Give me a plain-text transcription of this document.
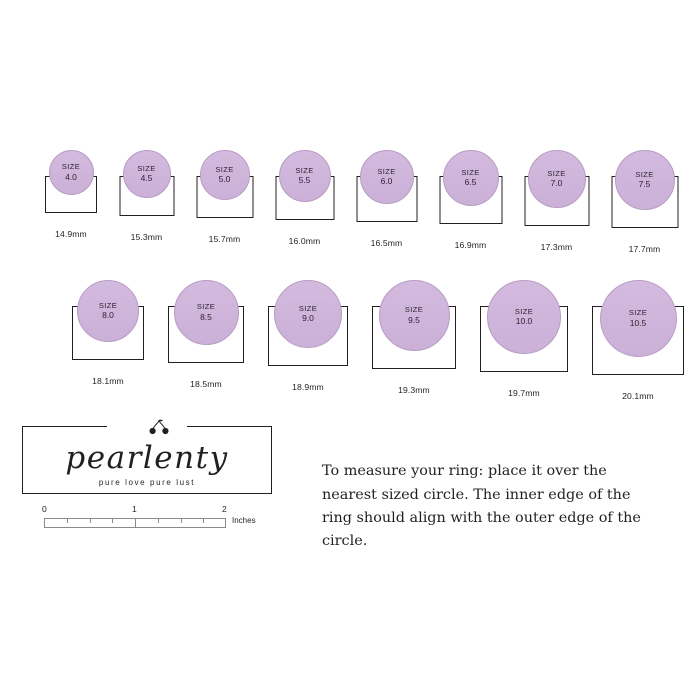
SIZE
4.0
14.9mm
SIZE
4.5
15.3mm
SIZE
5.0
15.7mm
SIZE
5.5
16.0mm
SIZE
6.0
16.5mm
SIZE
6.5
16.9mm
SIZE
7.0
17.3mm
SIZE
7.5
17.7mm
SIZE
8.0
18.1mm
SIZE
8.5
18.5mm
SIZE
9.0
18.9mm
SIZE
9.5
19.3mm
SIZE
10.0
19.7mm
SIZE
10.5
20.1mm
pearlenty
pure love pure lust
0	1	2
Inches

To measure your ring: place it over the nearest sized circle. The inner edge of the ring should align with the outer edge of the circle.
